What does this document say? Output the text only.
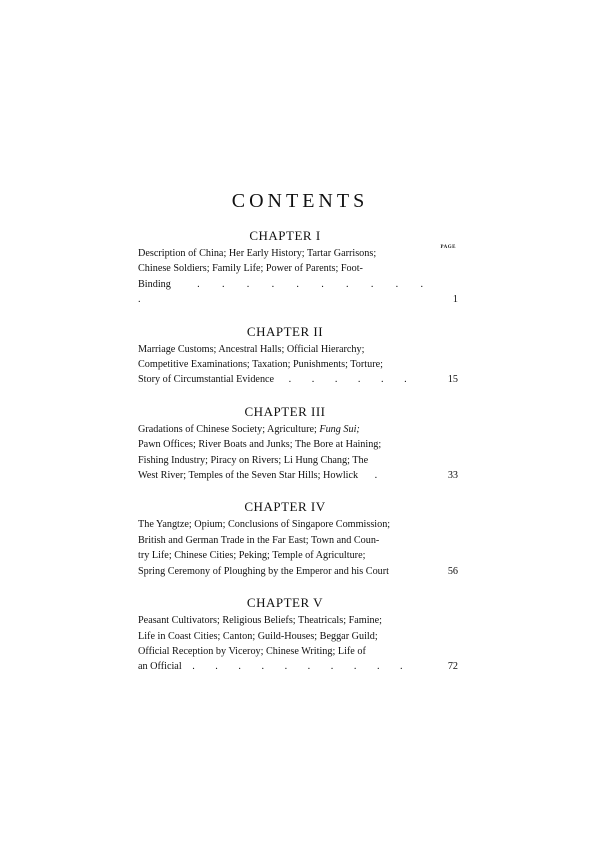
CONTENTS
PAGE
CHAPTER I
Description of China; Her Early History; Tartar Garrisons;
Chinese Soldiers; Family Life; Power of Parents; Foot-
Binding	. . . . . . . . . . .	1
CHAPTER II
Marriage Customs; Ancestral Halls; Official Hierarchy;
Competitive Examinations; Taxation; Punishments; Torture;
Story of Circumstantial Evidence . . . . . .	15
CHAPTER III
Gradations of Chinese Society; Agriculture; Fung Sui;
Pawn Offices; River Boats and Junks; The Bore at Haining;
Fishing Industry; Piracy on Rivers; Li Hung Chang; The
West River; Temples of the Seven Star Hills; Howlick .	33
CHAPTER IV
The Yangtze; Opium; Conclusions of Singapore Commission;
British and German Trade in the Far East; Town and Coun-
try Life; Chinese Cities; Peking; Temple of Agriculture;
Spring Ceremony of Ploughing by the Emperor and his Court	56
CHAPTER V
Peasant Cultivators; Religious Beliefs; Theatricals; Famine;
Life in Coast Cities; Canton; Guild-Houses; Beggar Guild;
Official Reception by Viceroy; Chinese Writing; Life of
an Official . . . . . . . . . .	72
